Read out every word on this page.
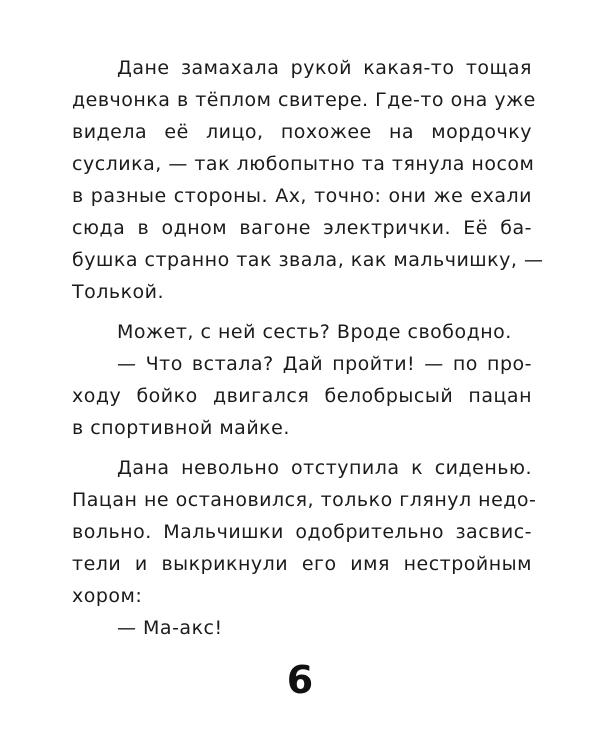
Дане замахала рукой какая-то тощая
девчонка в тёплом свитере. Где-то она уже
видела её лицо, похожее на мордочку
суслика, — так любопытно та тянула носом
в разные стороны. Ах, точно: они же ехали
сюда в одном вагоне электрички. Её ба-
бушка странно так звала, как мальчишку, —
Толькой.
Может, с ней сесть? Вроде свободно.
— Что встала? Дай пройти! — по про-
ходу бойко двигался белобрысый пацан
в спортивной майке.
Дана невольно отступила к сиденью.
Пацан не остановился, только глянул недо-
вольно. Мальчишки одобрительно засвис-
тели и выкрикнули его имя нестройным
хором:
— Ма-акс!
6
